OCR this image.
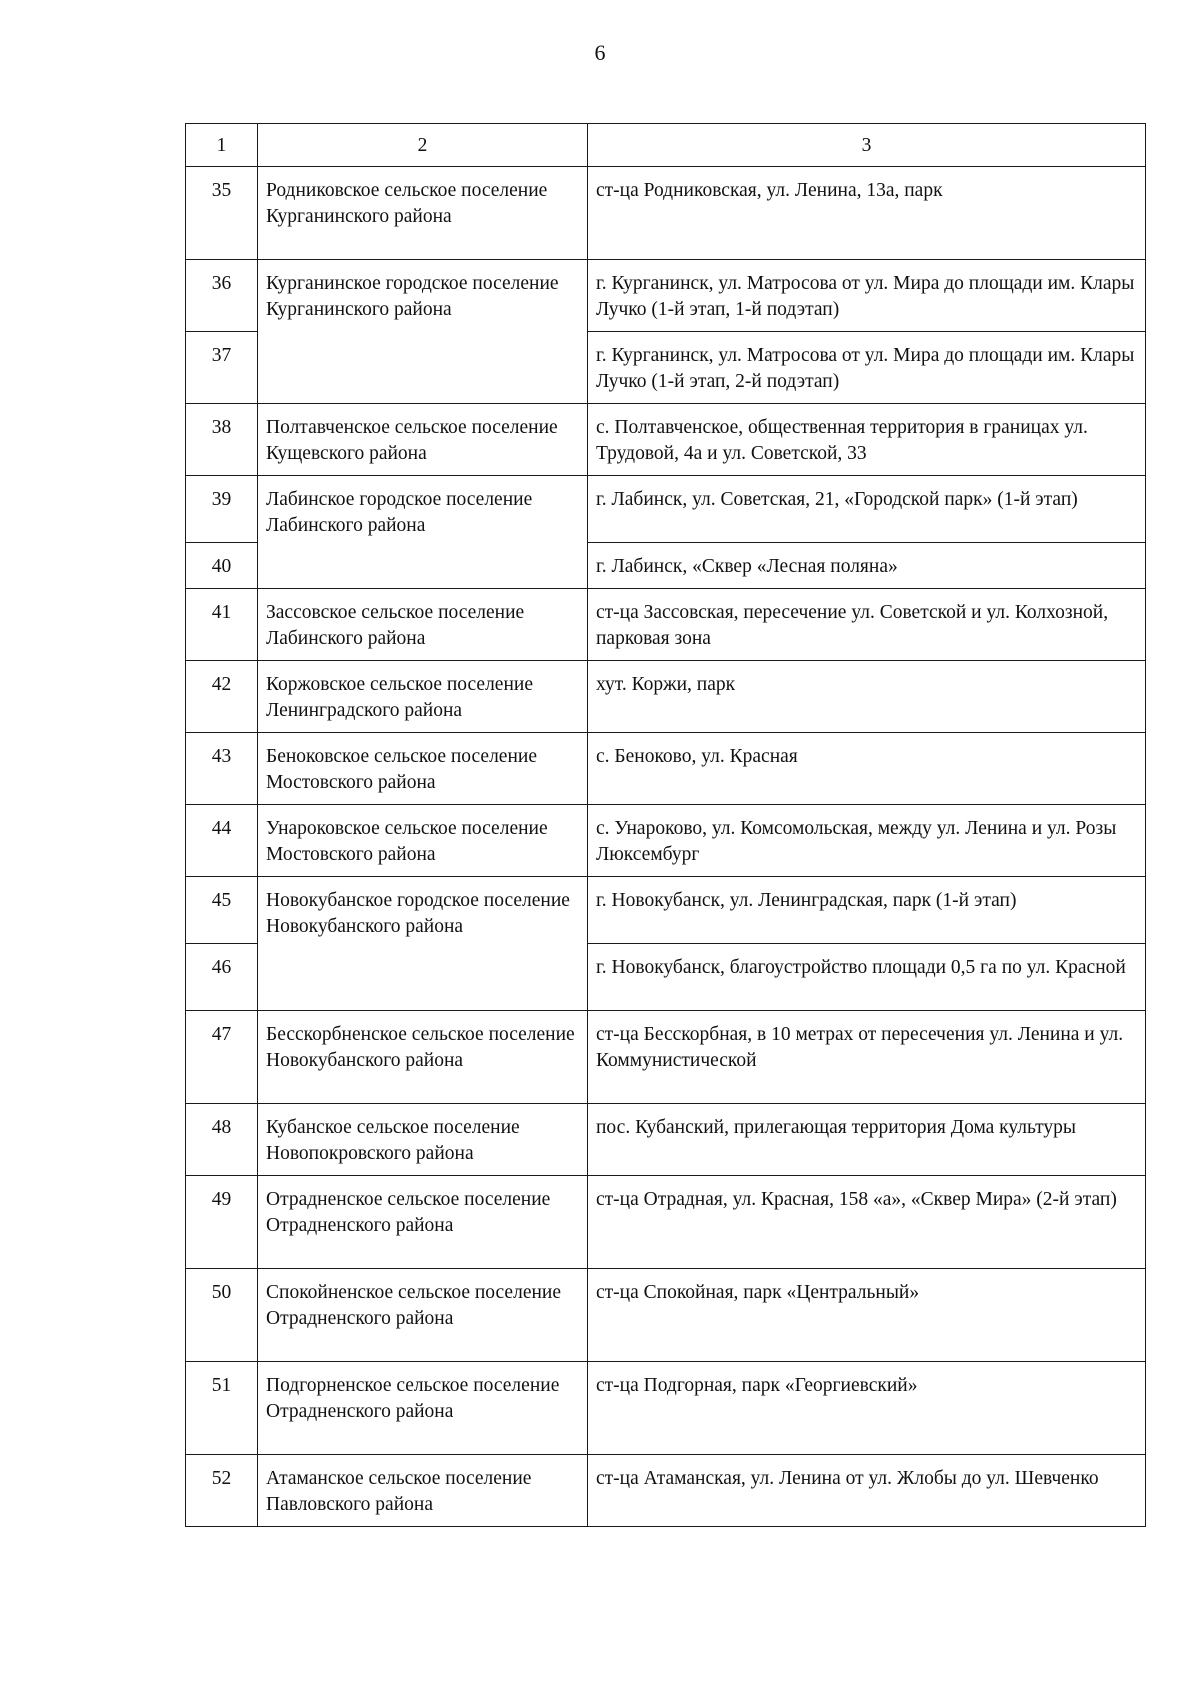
6
1	2	3
35	Родниковское сельское поселение Курганинского района	ст-ца Родниковская, ул. Ленина, 13а, парк
36	Курганинское городское поселение Курганинского района	г. Курганинск, ул. Матросова от ул. Мира до площади им. Клары Лучко (1-й этап, 1-й подэтап)
37		г. Курганинск, ул. Матросова от ул. Мира до площади им. Клары Лучко (1-й этап, 2-й подэтап)
38	Полтавченское сельское поселение Кущевского района	с. Полтавченское, общественная территория в границах ул. Трудовой, 4а и ул. Советской, 33
39	Лабинское городское поселение Лабинского района	г. Лабинск, ул. Советская, 21, «Городской парк» (1-й этап)
40		г. Лабинск, «Сквер «Лесная поляна»
41	Зассовское сельское поселение Лабинского района	ст-ца Зассовская, пересечение ул. Советской и ул. Колхозной, парковая зона
42	Коржовское сельское поселение Ленинградского района	хут. Коржи, парк
43	Беноковское сельское поселение Мостовского района	с. Беноково, ул. Красная
44	Унароковское сельское поселение Мостовского района	с. Унароково, ул. Комсомольская, между ул. Ленина и ул. Розы Люксембург
45	Новокубанское городское поселение Новокубанского района	г. Новокубанск, ул. Ленинградская, парк (1-й этап)
46		г. Новокубанск, благоустройство площади 0,5 га по ул. Красной
47	Бесскорбненское сельское поселение Новокубанского района	ст-ца Бесскорбная, в 10 метрах от пересечения ул. Ленина и ул. Коммунистической
48	Кубанское сельское поселение Новопокровского района	пос. Кубанский, прилегающая территория Дома культуры
49	Отрадненское сельское поселение Отрадненского района	ст-ца Отрадная, ул. Красная, 158 «а», «Сквер Мира» (2-й этап)
50	Спокойненское сельское поселение Отрадненского района	ст-ца Спокойная, парк «Центральный»
51	Подгорненское сельское поселение Отрадненского района	ст-ца Подгорная, парк «Георгиевский»
52	Атаманское сельское поселение Павловского района	ст-ца Атаманская, ул. Ленина от ул. Жлобы до ул. Шевченко
